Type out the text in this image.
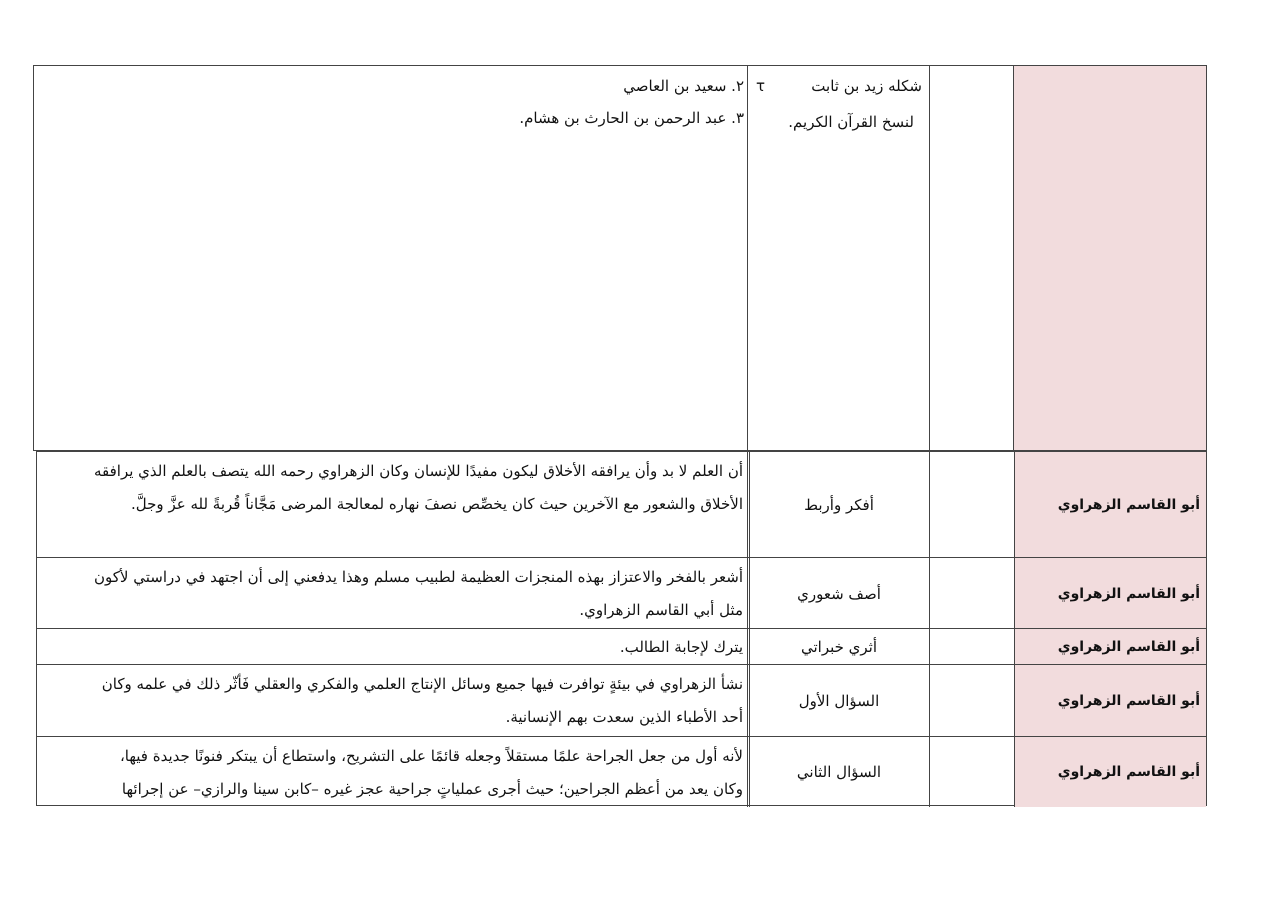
شكله زيد بن ثابت
τ
لنسخ القرآن الكريم.
٢. سعيد بن العاصي
٣. عبد الرحمن بن الحارث بن هشام.
أبو القاسم الزهراوي
أفكر وأربط
أن العلم لا بد وأن يرافقه الأخلاق ليكون مفيدًا للإنسان وكان الزهراوي رحمه الله يتصف بالعلم الذي يرافقه
الأخلاق والشعور مع الآخرين حيث كان يخصِّص نصفَ نهاره لمعالجة المرضى مَجَّاناً قُربةً لله عزَّ وجلَّ.
أبو القاسم الزهراوي
أصف شعوري
أشعر بالفخر والاعتزاز بهذه المنجزات العظيمة لطبيب مسلم وهذا يدفعني إلى أن اجتهد في دراستي لأكون
مثل أبي القاسم الزهراوي.
أبو القاسم الزهراوي
أثري خبراتي
يترك لإجابة الطالب.
أبو القاسم الزهراوي
السؤال الأول
نشأ الزهراوي في بيئةٍ توافرت فيها جميع وسائل الإنتاج العلمي والفكري والعقلي فَأثّر ذلك في علمه وكان
أحد الأطباء الذين سعدت بهم الإنسانية.
أبو القاسم الزهراوي
السؤال الثاني
لأنه أول من جعل الجراحة علمًا مستقلاً وجعله قائمًا على التشريح، واستطاع أن يبتكر فنونًا جديدة فيها،
وكان يعد من أعظم الجراحين؛ حيث أجرى عملياتٍ جراحية عجز غيره –كابن سينا والرازي– عن إجرائها
